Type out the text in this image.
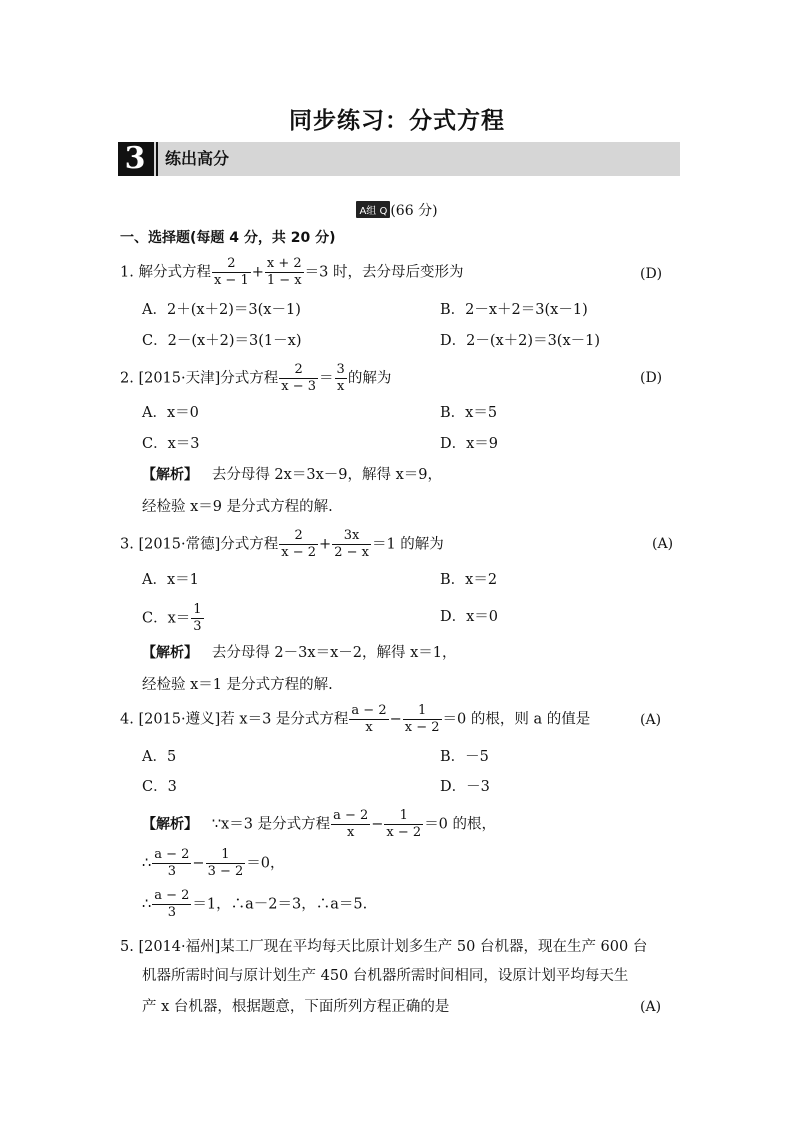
同步练习：分式方程
3	练出高分
A组 Q (66 分)
一、选择题(每题 4 分，共 20 分)
1. 解分式方程 $\frac{2}{x - 1} + \frac{x + 2}{1 - x} =3$ 时，去分母后变形为	(D)
A．2＋(x＋2)＝3(x－1)	B．2－x＋2＝3(x－1)
C．2－(x＋2)＝3(1－x)	D．2－(x＋2)＝3(x－1)
2. [2015·天津]分式方程 $\frac{2}{x - 3} = \frac{3}{x}$ 的解为	(D)
A．x＝0	B．x＝5
C．x＝3	D．x＝9
【解析】 去分母得 2x＝3x－9，解得 x＝9，
经检验 x＝9 是分式方程的解.
3. [2015·常德]分式方程 $\frac{2}{x - 2} + \frac{3x}{2 - x} =1$ 的解为	(A)
A．x＝1	B．x＝2
C．$x= \frac{1}{3}$	D．x＝0
【解析】 去分母得 2－3x＝x－2，解得 x＝1，
经检验 x＝1 是分式方程的解.
4. [2015·遵义]若 x＝3 是分式方程 $\frac{a - 2}{x} - \frac{1}{x - 2} =0$ 的根，则 a 的值是	(A)
A．5	B．－5
C．3	D．－3
【解析】 ∵x＝3 是分式方程 $\frac{a - 2}{x} - \frac{1}{x - 2} =0$ 的根，
∴ $\frac{a - 2}{3} - \frac{1}{3 - 2} =0$，
∴ $\frac{a - 2}{3} =1$，∴a－2＝3，∴a＝5.
5. [2014·福州]某工厂现在平均每天比原计划多生产 50 台机器，现在生产 600 台
机器所需时间与原计划生产 450 台机器所需时间相同，设原计划平均每天生
产 x 台机器，根据题意，下面所列方程正确的是	(A)
